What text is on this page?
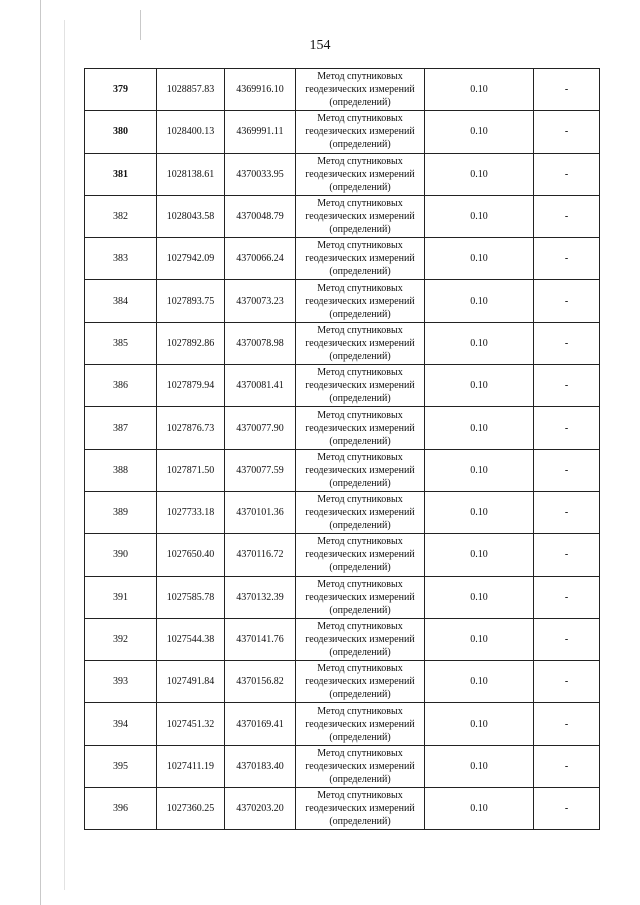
154
379	1028857.83	4369916.10	Метод спутниковых
геодезических измерений
(определений)	0.10	-
380	1028400.13	4369991.11	Метод спутниковых
геодезических измерений
(определений)	0.10	-
381	1028138.61	4370033.95	Метод спутниковых
геодезических измерений
(определений)	0.10	-
382	1028043.58	4370048.79	Метод спутниковых
геодезических измерений
(определений)	0.10	-
383	1027942.09	4370066.24	Метод спутниковых
геодезических измерений
(определений)	0.10	-
384	1027893.75	4370073.23	Метод спутниковых
геодезических измерений
(определений)	0.10	-
385	1027892.86	4370078.98	Метод спутниковых
геодезических измерений
(определений)	0.10	-
386	1027879.94	4370081.41	Метод спутниковых
геодезических измерений
(определений)	0.10	-
387	1027876.73	4370077.90	Метод спутниковых
геодезических измерений
(определений)	0.10	-
388	1027871.50	4370077.59	Метод спутниковых
геодезических измерений
(определений)	0.10	-
389	1027733.18	4370101.36	Метод спутниковых
геодезических измерений
(определений)	0.10	-
390	1027650.40	4370116.72	Метод спутниковых
геодезических измерений
(определений)	0.10	-
391	1027585.78	4370132.39	Метод спутниковых
геодезических измерений
(определений)	0.10	-
392	1027544.38	4370141.76	Метод спутниковых
геодезических измерений
(определений)	0.10	-
393	1027491.84	4370156.82	Метод спутниковых
геодезических измерений
(определений)	0.10	-
394	1027451.32	4370169.41	Метод спутниковых
геодезических измерений
(определений)	0.10	-
395	1027411.19	4370183.40	Метод спутниковых
геодезических измерений
(определений)	0.10	-
396	1027360.25	4370203.20	Метод спутниковых
геодезических измерений
(определений)	0.10	-
